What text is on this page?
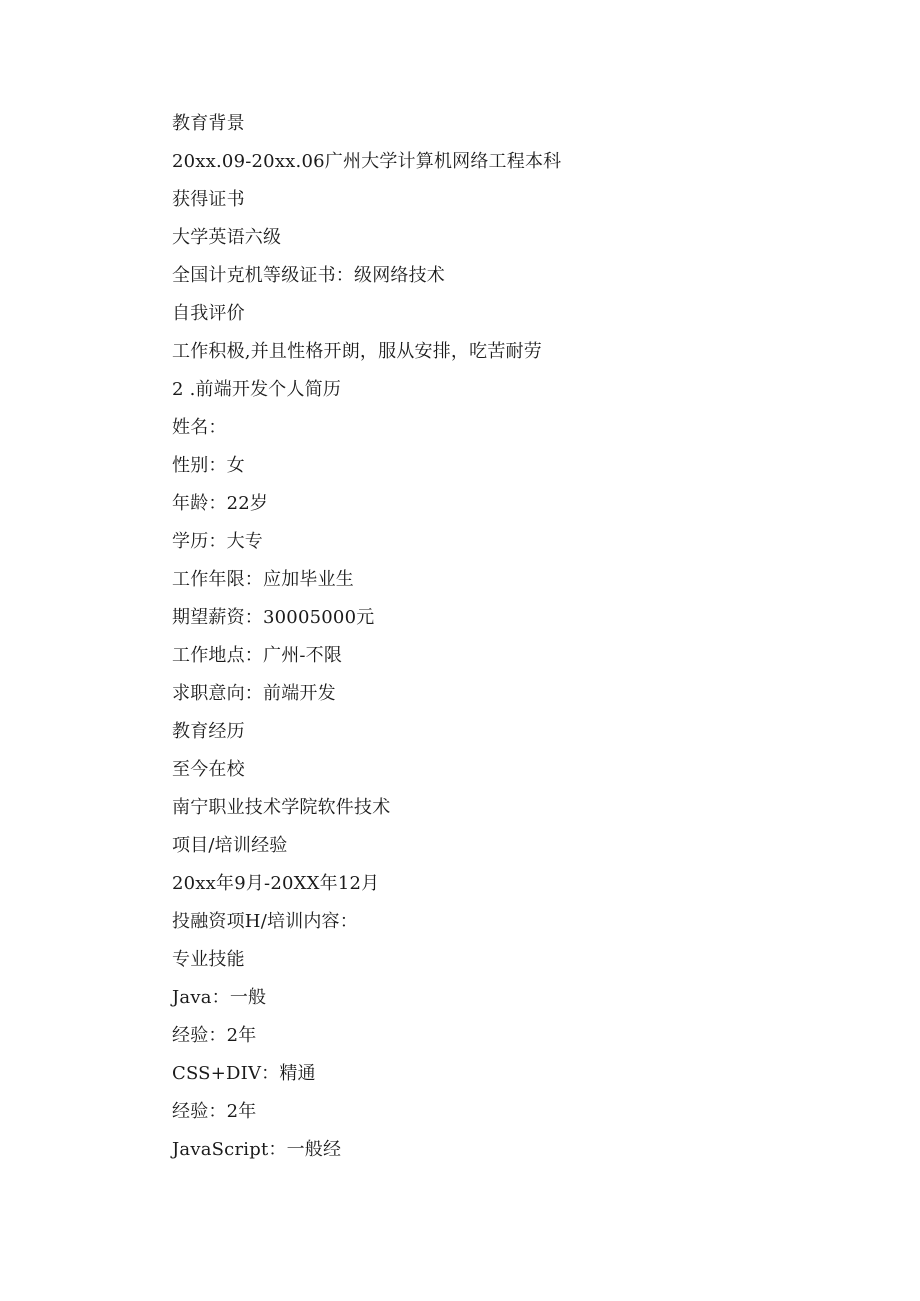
教育背景
20xx.09-20xx.06广州大学计算机网络工程本科
获得证书
大学英语六级
全国计克机等级证书：级网络技术
自我评价
工作积极,并且性格开朗，服从安排，吃苦耐劳
2 .前端开发个人简历
姓名：
性别：女
年龄：22岁
学历：大专
工作年限：应加毕业生
期望薪资：30005000元
工作地点：广州-不限
求职意向：前端开发
教育经历
至今在校
南宁职业技术学院软件技术
项目/培训经验
20xx年9月-20XX年12月
投融资项H/培训内容：
专业技能
Java：一般
经验：2年
CSS+DIV：精通
经验：2年
JavaScript：一般经
